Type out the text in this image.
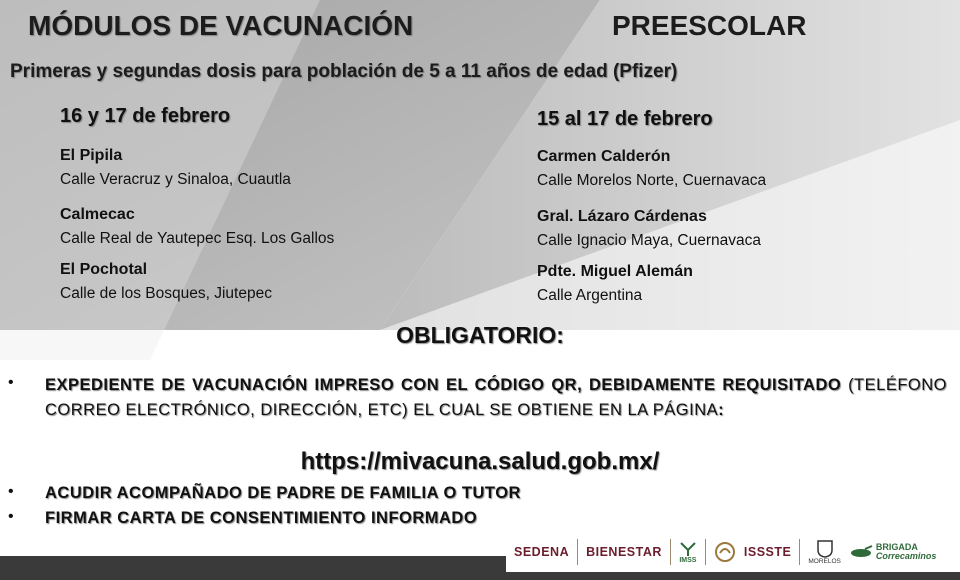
MÓDULOS DE VACUNACIÓN	PREESCOLAR
Primeras y segundas dosis para población de 5 a 11 años de edad (Pfizer)
16 y 17 de febrero
El Pipila
Calle Veracruz y Sinaloa, Cuautla
Calmecac
Calle Real de Yautepec Esq. Los Gallos
El Pochotal
Calle de los Bosques, Jiutepec
15 al 17 de febrero
Carmen Calderón
Calle Morelos Norte, Cuernavaca
Gral. Lázaro Cárdenas
Calle Ignacio Maya, Cuernavaca
Pdte. Miguel Alemán
Calle Argentina
OBLIGATORIO:
• EXPEDIENTE DE VACUNACIÓN IMPRESO CON EL CÓDIGO QR, DEBIDAMENTE REQUISITADO (TELÉFONO CORREO ELECTRÓNICO, DIRECCIÓN, ETC) EL CUAL SE OBTIENE EN LA PÁGINA:
https://mivacuna.salud.gob.mx/
• ACUDIR ACOMPAÑADO DE PADRE DE FAMILIA O TUTOR
• FIRMAR CARTA DE CONSENTIMIENTO INFORMADO
SEDENA BIENESTAR
IMSS
ISSSTE
MORELOS
BRIGADA
Correcaminos
